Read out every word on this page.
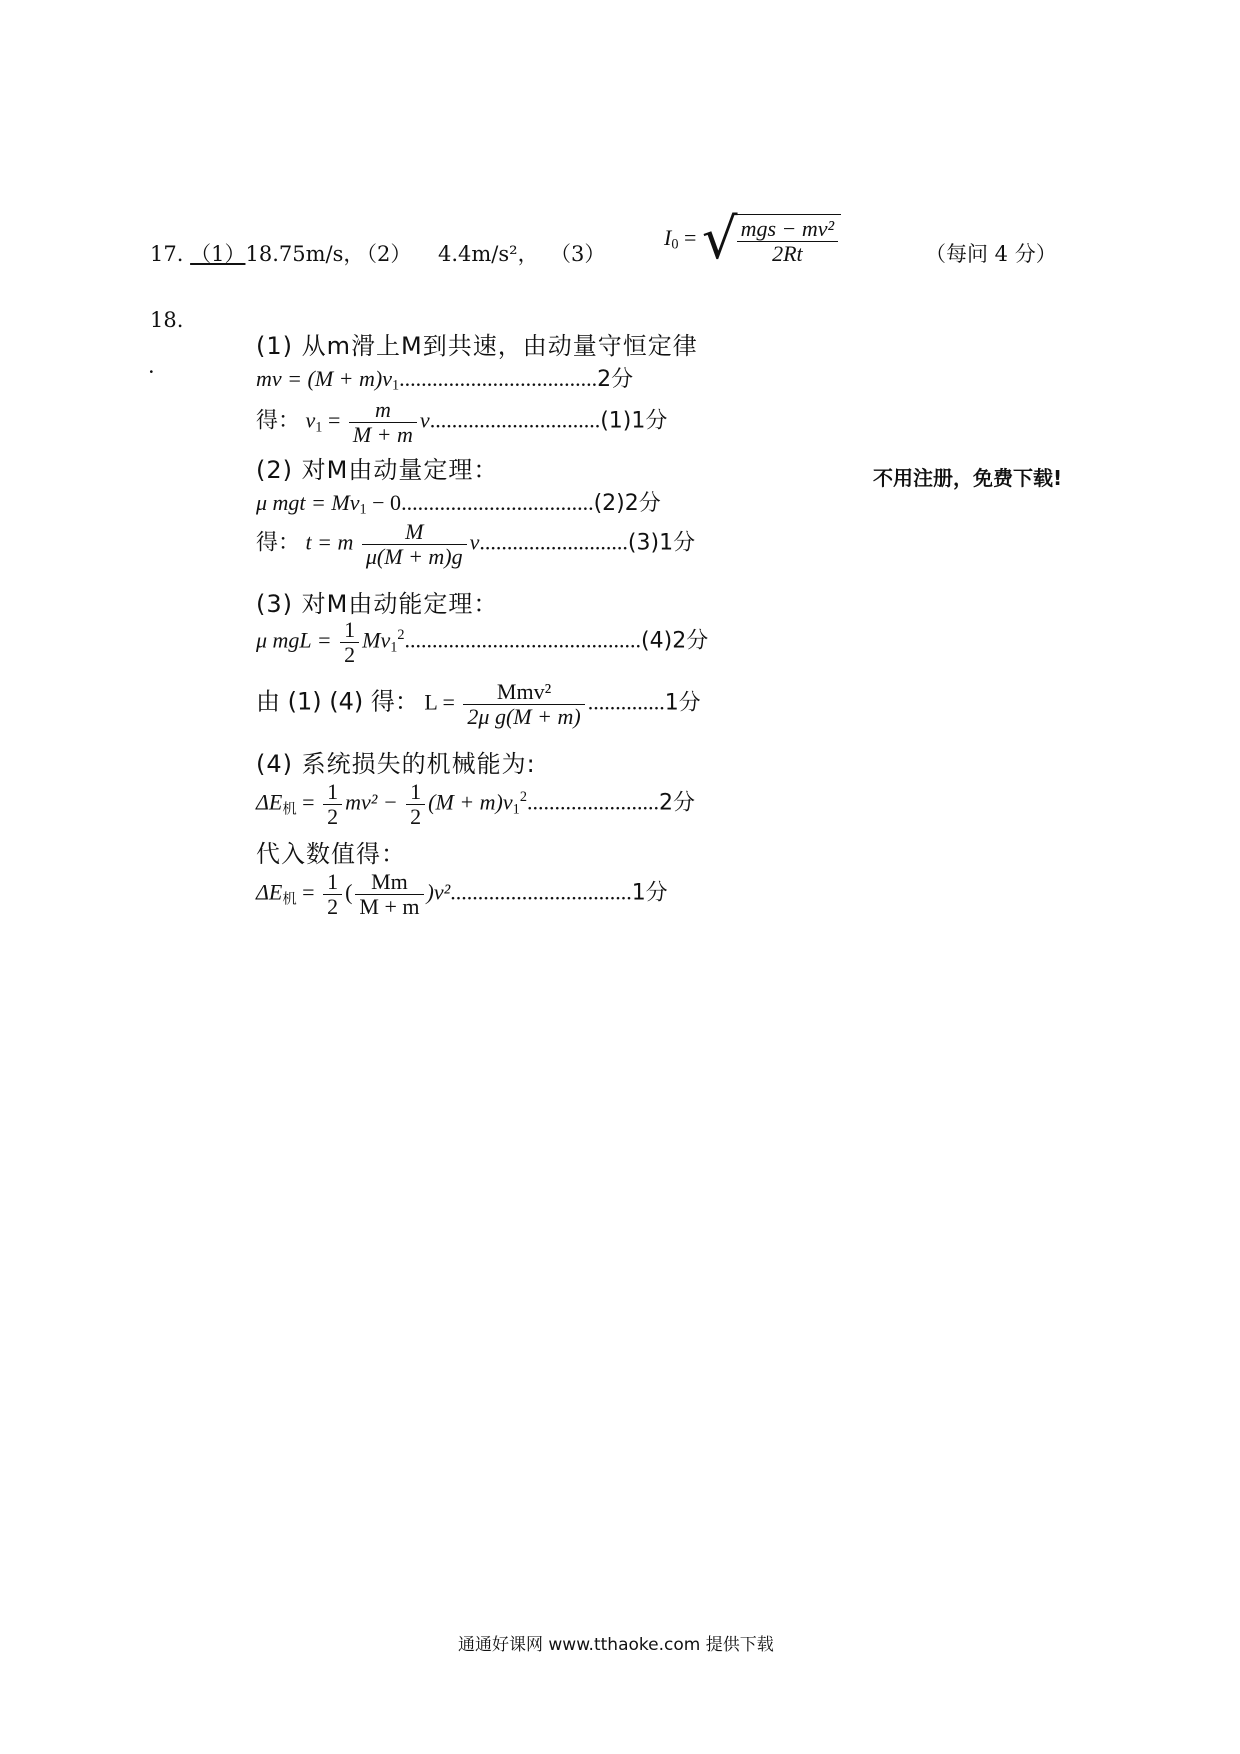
17. （1）18.75m/s，
（2） 4.4m/s²， （3）
$I_0$ = √ $\frac{\text{mgs − mv²}}{2Rt}$	（每问 4 分）
18.
·
(1) 从m滑上M到共速，由动量守恒定律
mv = $(M + m)v_1....................................2$分
得： $v_1 = \frac{m}{M + m} v...............................(1)1$分
(2) 对M由动量定理：
μ mgt = $Mv_1 - 0...................................(2)2$分
得： t = m $\frac{M}{\mu(M + m)g} v...........................(3)1$分
(3) 对M由动能定理：
μ mgL = $\frac{1}{2} Mv_1^2...........................................(4)2$分
由 (1) (4) 得： $L = \frac{\text{Mmv²}}{\text{2μ g(M + m)}} ..............1$分
(4) 系统损失的机械能为:
$\Delta E_机 = \frac{1}{2} mv^2 - \frac{1}{2} (M + m)v_1^2........................2$分
代入数值得：
$\Delta E_机 = \frac{1}{2}$ ( $\frac{Mm}{M + m} )v^2.................................1$分
不用注册，免费下载!
通通好课网 www.tthaoke.com 提供下载
